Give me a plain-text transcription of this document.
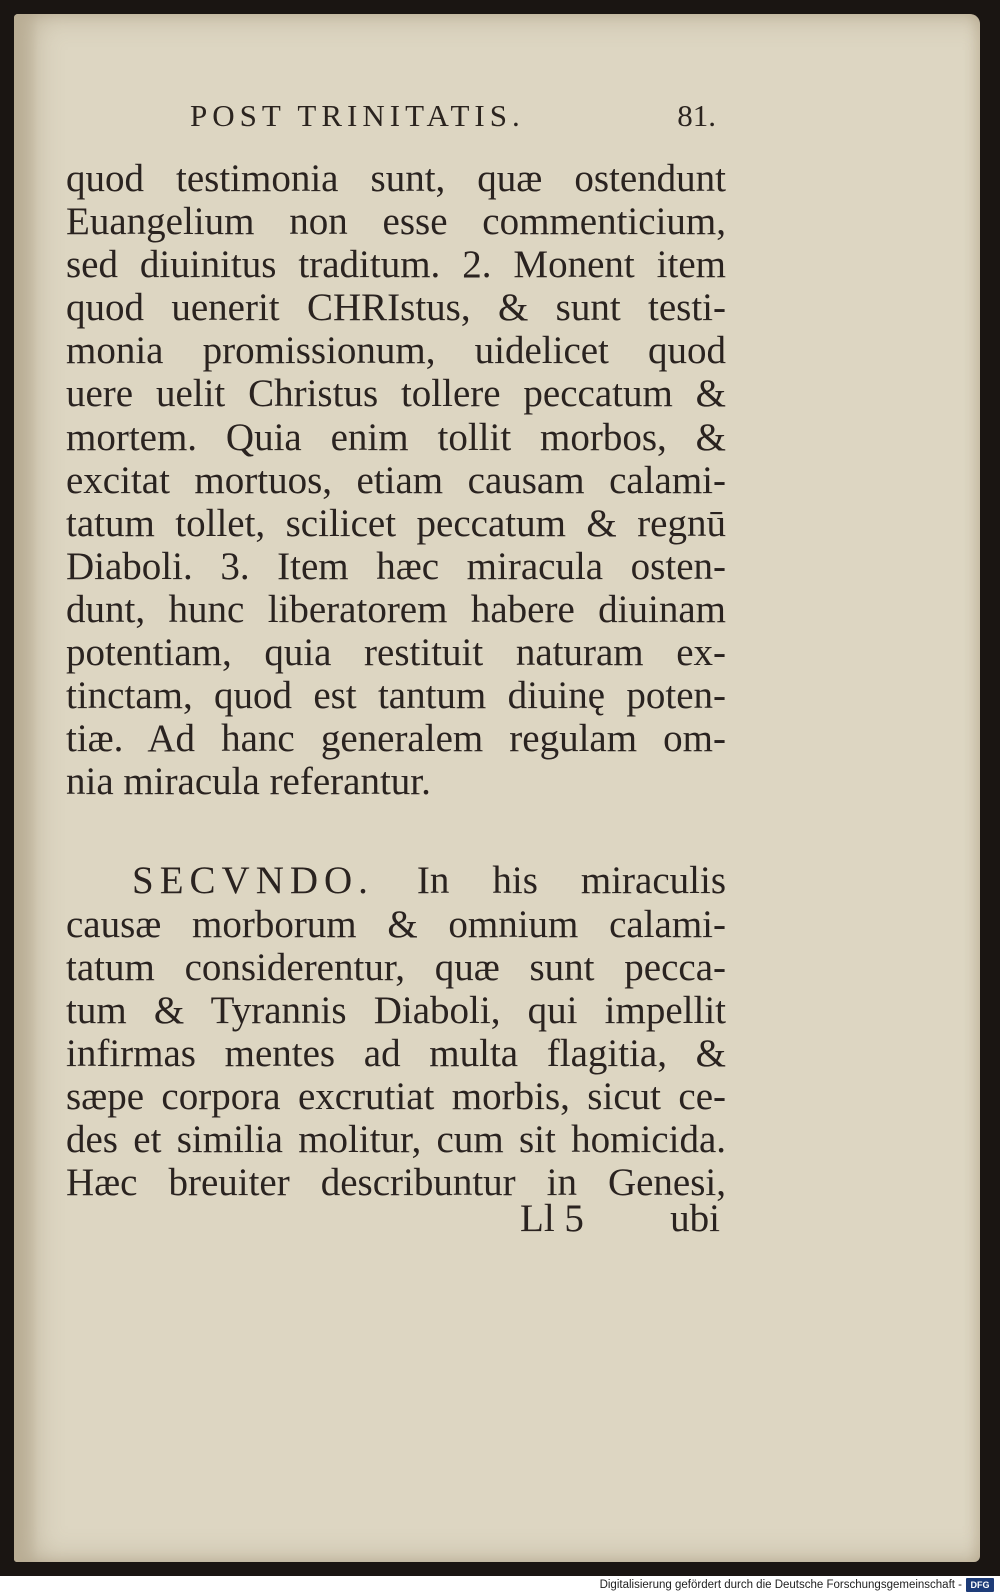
POST TRINITATIS.	81.
quod testimonia sunt, quæ ostendunt
Euangelium non esse commenticium,
sed diuinitus traditum. 2. Monent item
quod uenerit CHRIstus, & sunt testi-
monia promissionum, uidelicet quod
uere uelit Christus tollere peccatum &
mortem. Quia enim tollit morbos, &
excitat mortuos, etiam causam calami-
tatum tollet, scilicet peccatum & regnū
Diaboli. 3. Item hæc miracula osten-
dunt, hunc liberatorem habere diuinam
potentiam, quia restituit naturam ex-
tinctam, quod est tantum diuinę poten-
tiæ. Ad hanc generalem regulam om-
nia miracula referantur.
SECVNDO. In his miraculis
causæ morborum & omnium calami-
tatum considerentur, quæ sunt pecca-
tum & Tyrannis Diaboli, qui impellit
infirmas mentes ad multa flagitia, &
sæpe corpora excrutiat morbis, sicut ce-
des et similia molitur, cum sit homicida.
Hæc breuiter describuntur in Genesi,
Ll 5 ubi
Digitalisierung gefördert durch die Deutsche Forschungsgemeinschaft - DFG
